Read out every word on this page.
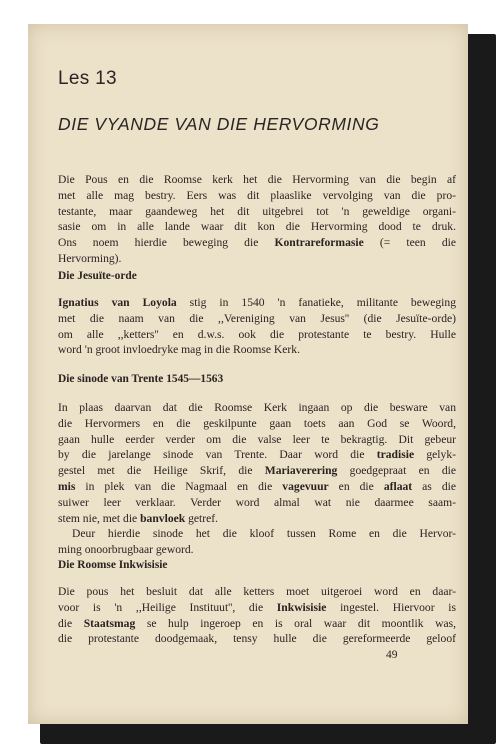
Les 13
DIE VYANDE VAN DIE HERVORMING
Die Pous en die Roomse kerk het die Hervorming van die begin af
met alle mag bestry. Eers was dit plaaslike vervolging van die pro-
testante, maar gaandeweg het dit uitgebrei tot 'n geweldige organi-
sasie om in alle lande waar dit kon die Hervorming dood te druk.
Ons noem hierdie beweging die Kontrareformasie (= teen die
Hervorming).
Die Jesuïte-orde
Ignatius van Loyola stig in 1540 'n fanatieke, militante beweging
met die naam van die ,,Vereniging van Jesus'' (die Jesuïte-orde)
om alle ,,ketters'' en d.w.s. ook die protestante te bestry. Hulle
word 'n groot invloedryke mag in die Roomse Kerk.
Die sinode van Trente 1545—1563
In plaas daarvan dat die Roomse Kerk ingaan op die besware van
die Hervormers en die geskilpunte gaan toets aan God se Woord,
gaan hulle eerder verder om die valse leer te bekragtig. Dit gebeur
by die jarelange sinode van Trente. Daar word die tradisie gelyk-
gestel met die Heilige Skrif, die Mariaverering goedgepraat en die
mis in plek van die Nagmaal en die vagevuur en die aflaat as die
suiwer leer verklaar. Verder word almal wat nie daarmee saam-
stem nie, met die banvloek getref.
Deur hierdie sinode het die kloof tussen Rome en die Hervor-
ming onoorbrugbaar geword.
Die Roomse Inkwisisie
Die pous het besluit dat alle ketters moet uitgeroei word en daar-
voor is 'n ,,Heilige Instituut'', die Inkwisisie ingestel. Hiervoor is
die Staatsmag se hulp ingeroep en is oral waar dit moontlik was,
die protestante doodgemaak, tensy hulle die gereformeerde geloof
49
